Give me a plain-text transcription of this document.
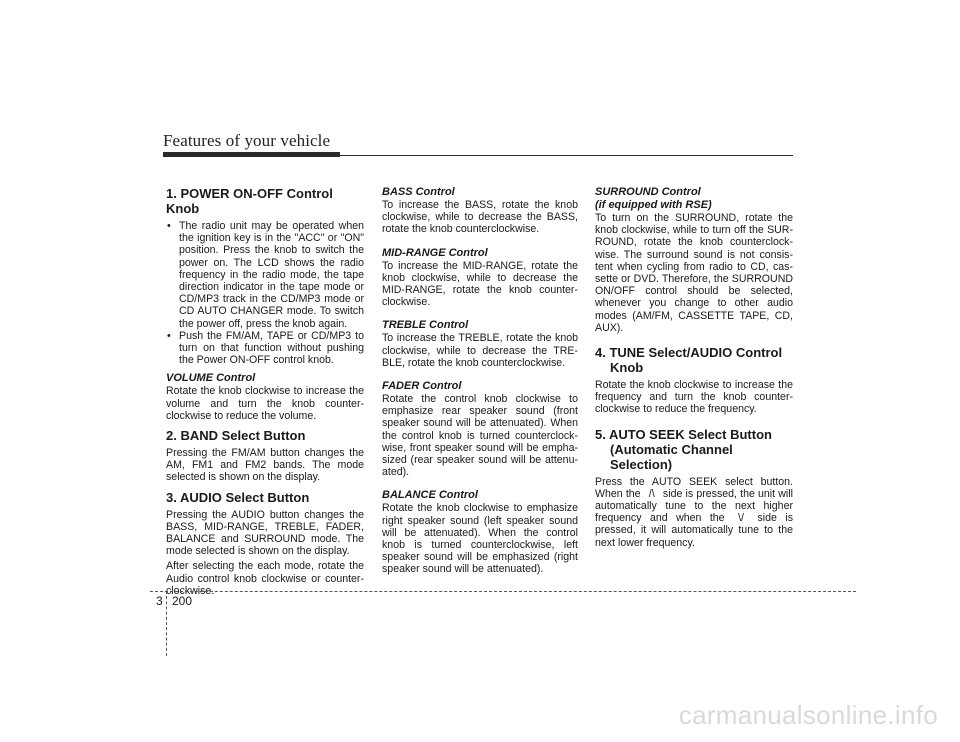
Features of your vehicle
1. POWER ON-OFF Control Knob
• The radio unit may be operated when the ignition key is in the "ACC" or "ON" position. Press the knob to switch the power on. The LCD shows the radio frequency in the radio mode, the tape direction indicator in the tape mode or CD/MP3 track in the CD/MP3 mode or CD AUTO CHANGER mode. To switch the power off, press the knob again.
• Push the FM/AM, TAPE or CD/MP3 to turn on that function without pushing the Power ON-OFF control knob.
VOLUME Control

Rotate the knob clockwise to increase the volume and turn the knob counter-clockwise to reduce the volume.

2. BAND Select Button

Pressing the FM/AM button changes the AM, FM1 and FM2 bands. The mode selected is shown on the display.

3. AUDIO Select Button

Pressing the AUDIO button changes the BASS, MID-RANGE, TREBLE, FADER, BALANCE and SURROUND mode. The mode selected is shown on the display.

After selecting the each mode, rotate the Audio control knob clockwise or counter-clockwise.

BASS Control

To increase the BASS, rotate the knob clockwise, while to decrease the BASS, rotate the knob counterclockwise.

MID-RANGE Control

To increase the MID-RANGE, rotate the knob clockwise, while to decrease the MID-RANGE, rotate the knob counter-clockwise.

TREBLE Control

To increase the TREBLE, rotate the knob clockwise, while to decrease the TRE-BLE, rotate the knob counterclockwise.

FADER Control

Rotate the control knob clockwise to emphasize rear speaker sound (front speaker sound will be attenuated). When the control knob is turned counterclock-wise, front speaker sound will be empha-sized (rear speaker sound will be attenu-ated).

BALANCE Control

Rotate the knob clockwise to emphasize right speaker sound (left speaker sound will be attenuated). When the control knob is turned counterclockwise, left speaker sound will be emphasized (right speaker sound will be attenuated).

SURROUND Control
(if equipped with RSE)

To turn on the SURROUND, rotate the knob clockwise, while to turn off the SUR-ROUND, rotate the knob counterclock-wise. The surround sound is not consis-tent when cycling from radio to CD, cas-sette or DVD. Therefore, the SURROUND ON/OFF control should be selected, whenever you change to other audio modes (AM/FM, CASSETTE TAPE, CD, AUX).

4. TUNE Select/AUDIO Control Knob

Rotate the knob clockwise to increase the frequency and turn the knob counter-clockwise to reduce the frequency.

5. AUTO SEEK Select Button (Automatic Channel Selection)

Press the AUTO SEEK select button. When the /\ side is pressed, the unit will automatically tune to the next higher frequency and when the \/ side is pressed, it will automatically tune to the next lower frequency.

3 200
carmanualsonline.info
